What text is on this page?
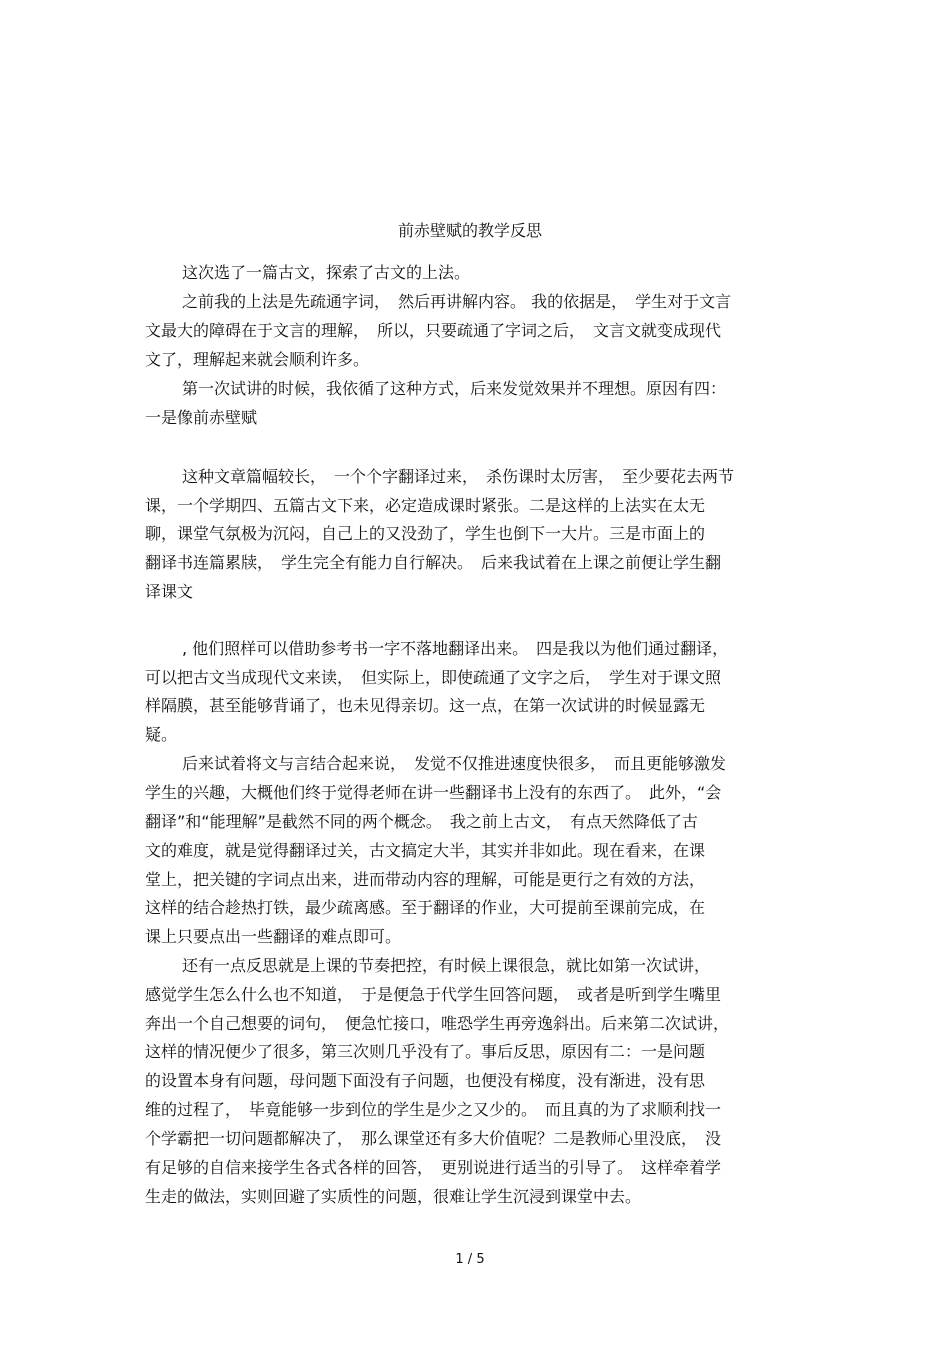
前赤壁赋的教学反思
这次选了一篇古文，探索了古文的上法。
之前我的上法是先疏通字词，　然后再讲解内容。 我的依据是，　学生对于文言
文最大的障碍在于文言的理解，　所以，只要疏通了字词之后，　文言文就变成现代
文了，理解起来就会顺利许多。
第一次试讲的时候，我依循了这种方式，后来发觉效果并不理想。原因有四：
一是像前赤壁赋
这种文章篇幅较长，　一个个字翻译过来，　杀伤课时太厉害，　至少要花去两节
课，一个学期四、五篇古文下来，必定造成课时紧张。二是这样的上法实在太无
聊，课堂气氛极为沉闷，自己上的又没劲了，学生也倒下一大片。三是市面上的
翻译书连篇累牍，　学生完全有能力自行解决。　后来我试着在上课之前便让学生翻
译课文
, 他们照样可以借助参考书一字不落地翻译出来。　四是我以为他们通过翻译，
可以把古文当成现代文来读，　但实际上，即使疏通了文字之后，　学生对于课文照
样隔膜，甚至能够背诵了，也未见得亲切。这一点，在第一次试讲的时候显露无
疑。
后来试着将文与言结合起来说，　发觉不仅推进速度快很多，　而且更能够激发
学生的兴趣，大概他们终于觉得老师在讲一些翻译书上没有的东西了。　此外，“会
翻译”和“能理解”是截然不同的两个概念。　我之前上古文，　有点天然降低了古
文的难度，就是觉得翻译过关，古文搞定大半，其实并非如此。现在看来，在课
堂上，把关键的字词点出来，进而带动内容的理解，可能是更行之有效的方法，
这样的结合趁热打铁，最少疏离感。至于翻译的作业，大可提前至课前完成，在
课上只要点出一些翻译的难点即可。
还有一点反思就是上课的节奏把控，有时候上课很急，就比如第一次试讲，
感觉学生怎么什么也不知道，　于是便急于代学生回答问题，　或者是听到学生嘴里
奔出一个自己想要的词句，　便急忙接口，唯恐学生再旁逸斜出。后来第二次试讲，
这样的情况便少了很多，第三次则几乎没有了。事后反思，原因有二：一是问题
的设置本身有问题，母问题下面没有子问题，也便没有梯度，没有渐进，没有思
维的过程了，　毕竟能够一步到位的学生是少之又少的。　而且真的为了求顺利找一
个学霸把一切问题都解决了，　那么课堂还有多大价值呢？二是教师心里没底，　没
有足够的自信来接学生各式各样的回答，　更别说进行适当的引导了。　这样牵着学
生走的做法，实则回避了实质性的问题，很难让学生沉浸到课堂中去。
1 / 5
